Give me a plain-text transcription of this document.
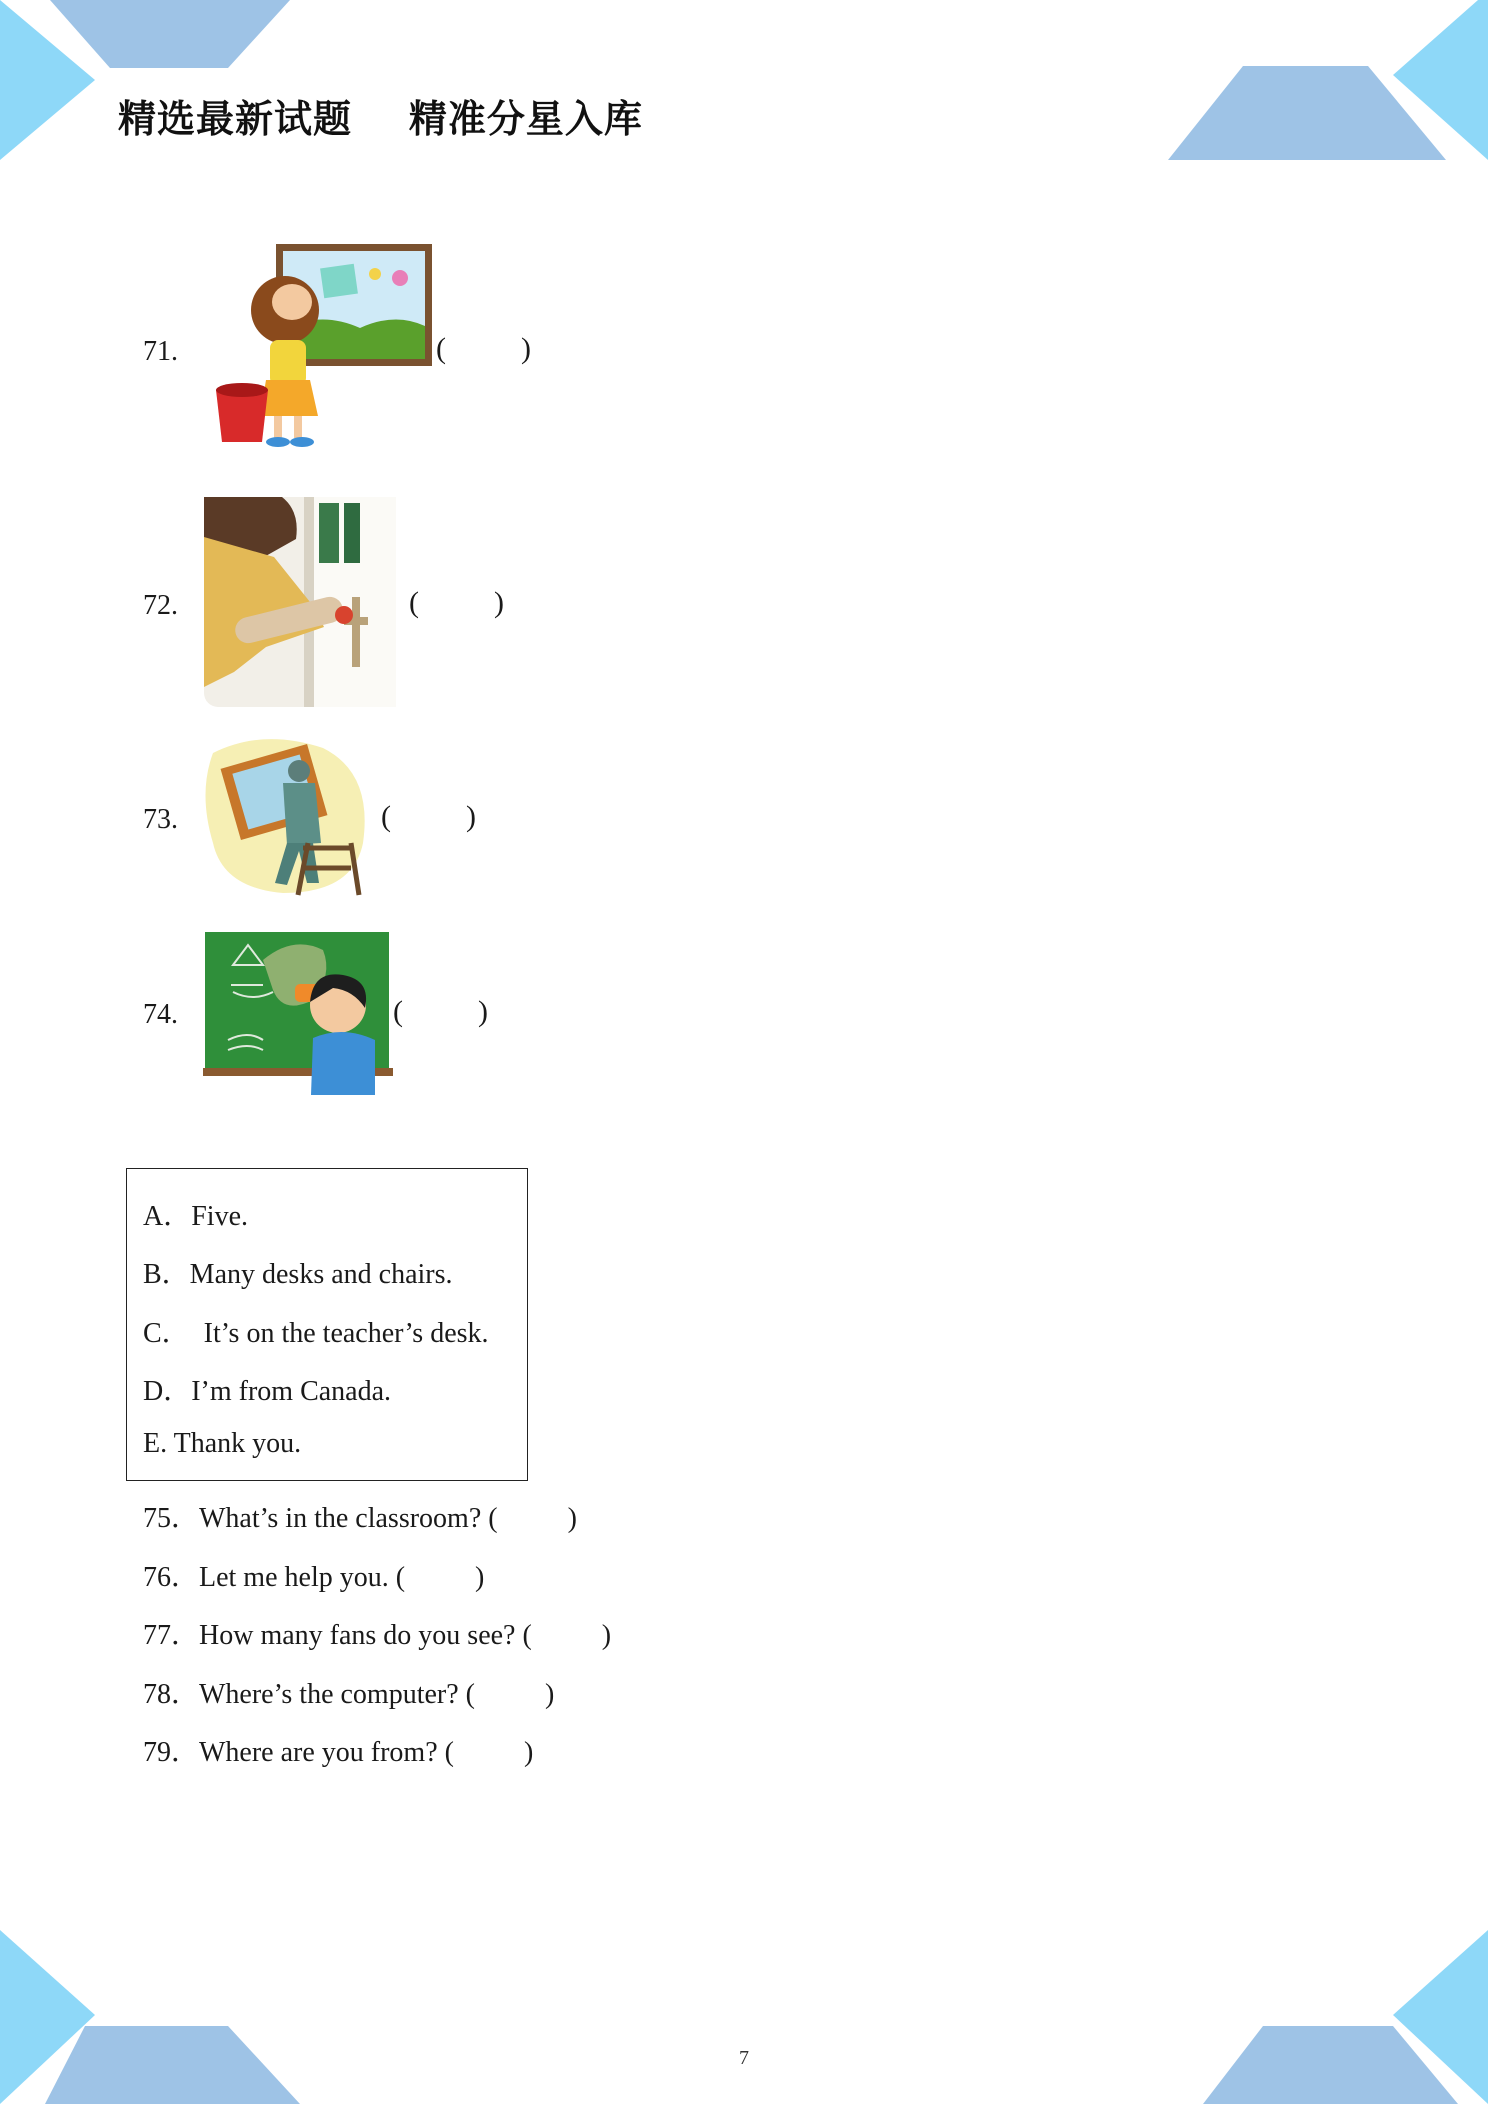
精选最新试题    精准分星入库
71.	(          )
72.	(          )
73.	(          )
74.	(          )
A．Five.
B．Many desks and chairs.
C．  It’s on the teacher’s desk.
D．I’m from Canada.
E. Thank you.
75．What’s in the classroom? (          )
76．Let me help you. (          )
77．How many fans do you see? (          )
78．Where’s the computer? (          )
79．Where are you from? (          )
7
